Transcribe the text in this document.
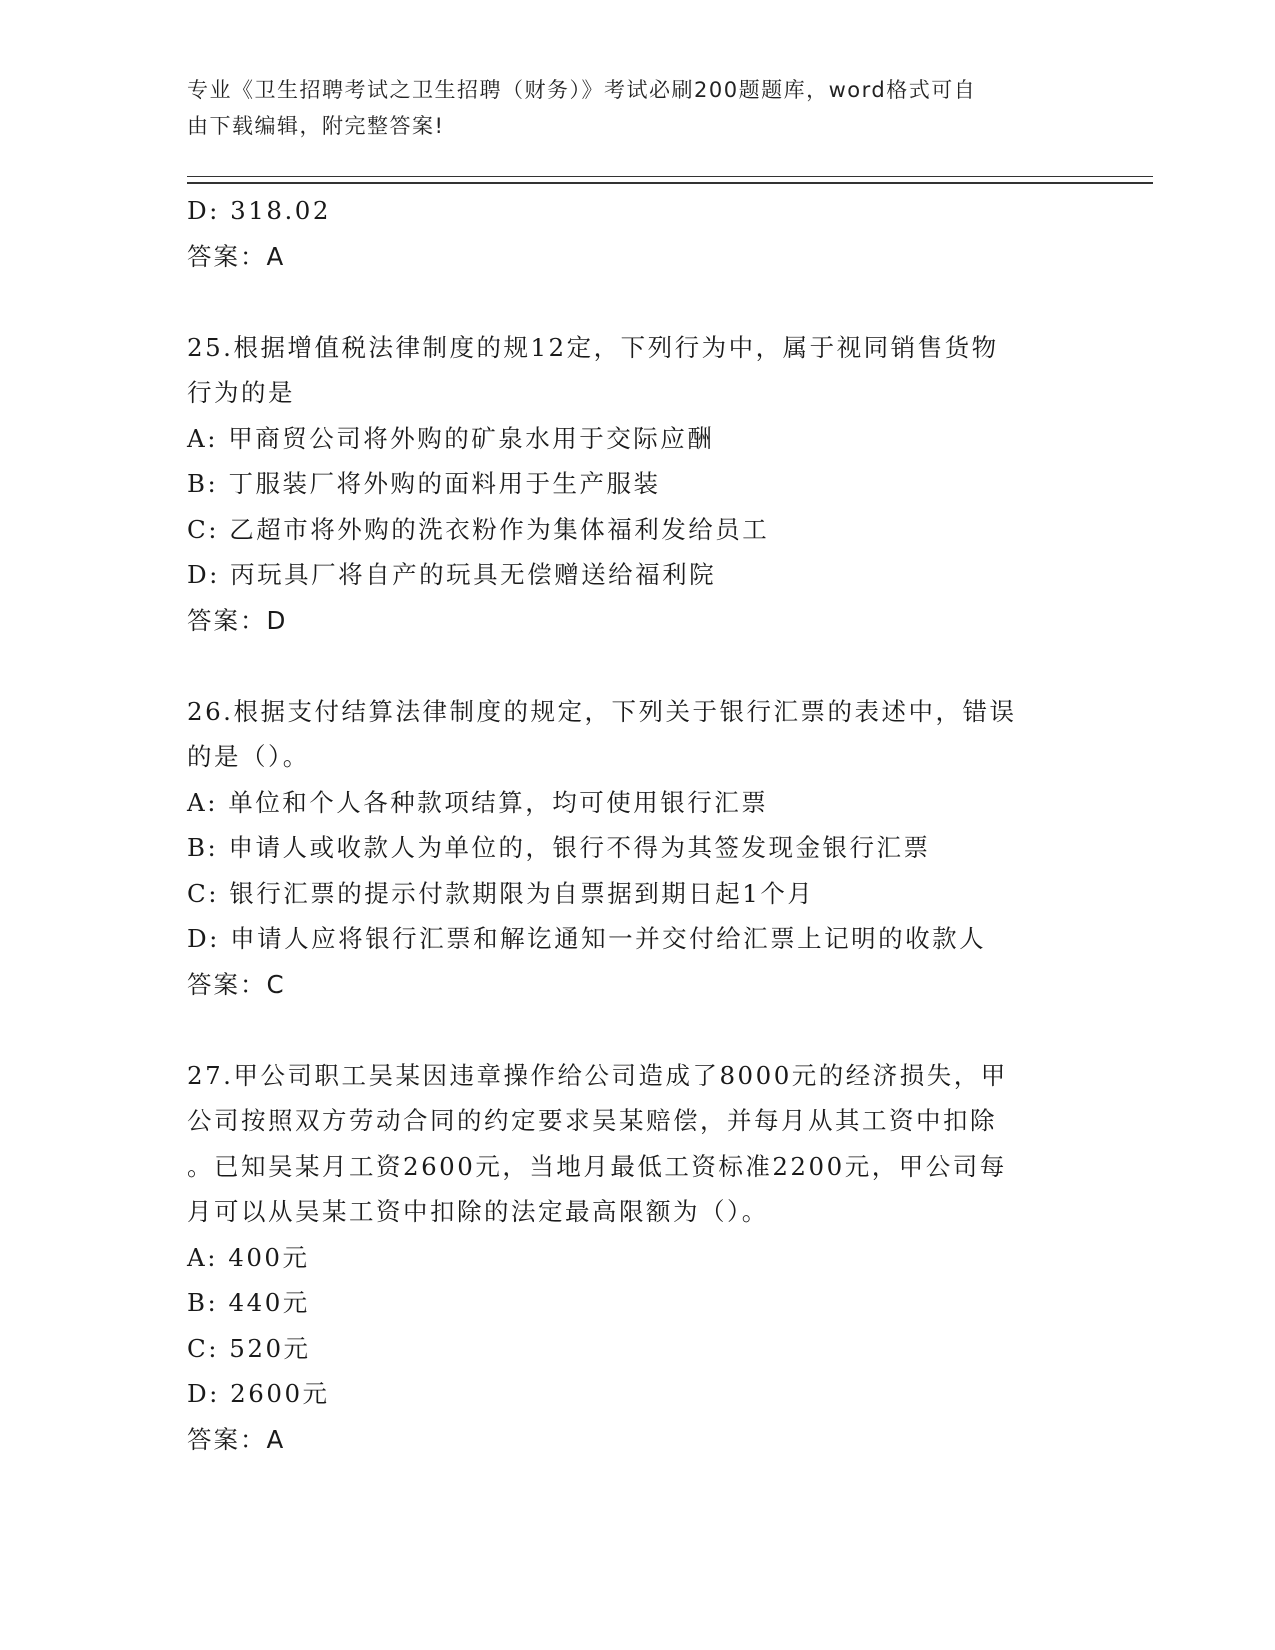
专业《卫生招聘考试之卫生招聘（财务）》考试必刷200题题库，word格式可自
由下载编辑，附完整答案!
D: 318.02
答案：A
25.根据增值税法律制度的规12定，下列行为中，属于视同销售货物
行为的是
A: 甲商贸公司将外购的矿泉水用于交际应酬
B: 丁服装厂将外购的面料用于生产服装
C: 乙超市将外购的洗衣粉作为集体福利发给员工
D: 丙玩具厂将自产的玩具无偿赠送给福利院
答案：D
26.根据支付结算法律制度的规定，下列关于银行汇票的表述中，错误
的是（）。
A: 单位和个人各种款项结算，均可使用银行汇票
B: 申请人或收款人为单位的，银行不得为其签发现金银行汇票
C: 银行汇票的提示付款期限为自票据到期日起1个月
D: 申请人应将银行汇票和解讫通知一并交付给汇票上记明的收款人
答案：C
27.甲公司职工吴某因违章操作给公司造成了8000元的经济损失，甲
公司按照双方劳动合同的约定要求吴某赔偿，并每月从其工资中扣除
。已知吴某月工资2600元，当地月最低工资标准2200元，甲公司每
月可以从吴某工资中扣除的法定最高限额为（）。
A: 400元
B: 440元
C: 520元
D: 2600元
答案：A
